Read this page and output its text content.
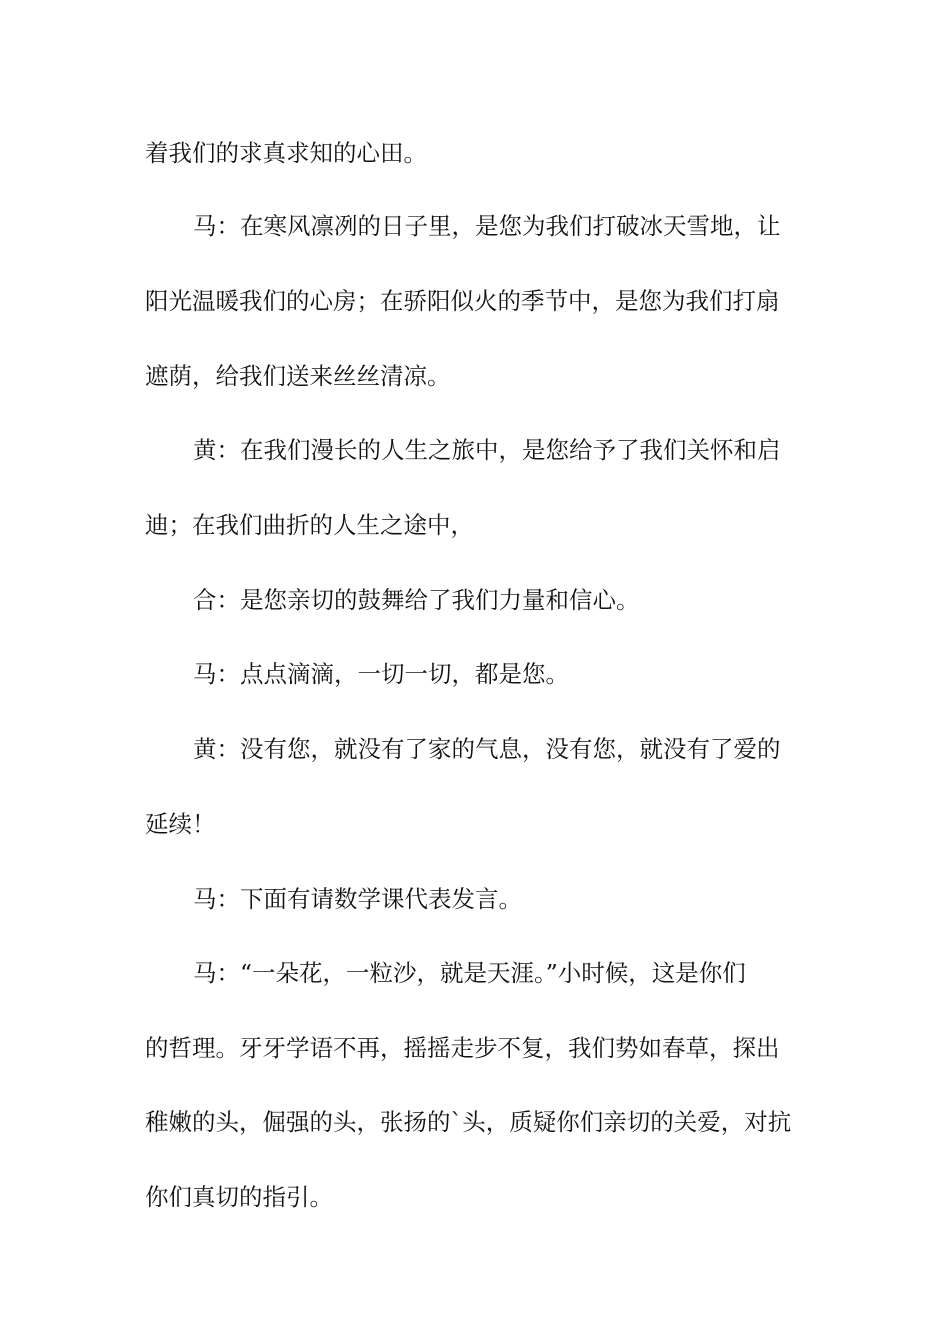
着我们的求真求知的心田。
马：在寒风凛冽的日子里，是您为我们打破冰天雪地，让
阳光温暖我们的心房；在骄阳似火的季节中，是您为我们打扇
遮荫，给我们送来丝丝清凉。
黄：在我们漫长的人生之旅中，是您给予了我们关怀和启
迪；在我们曲折的人生之途中，
合：是您亲切的鼓舞给了我们力量和信心。
马：点点滴滴，一切一切，都是您。
黄：没有您，就没有了家的气息，没有您，就没有了爱的
延续！
马：下面有请数学课代表发言。
马：“一朵花，一粒沙，就是天涯。”小时候，这是你们
的哲理。牙牙学语不再，摇摇走步不复，我们势如春草，探出
稚嫩的头，倔强的头，张扬的`头，质疑你们亲切的关爱，对抗
你们真切的指引。
